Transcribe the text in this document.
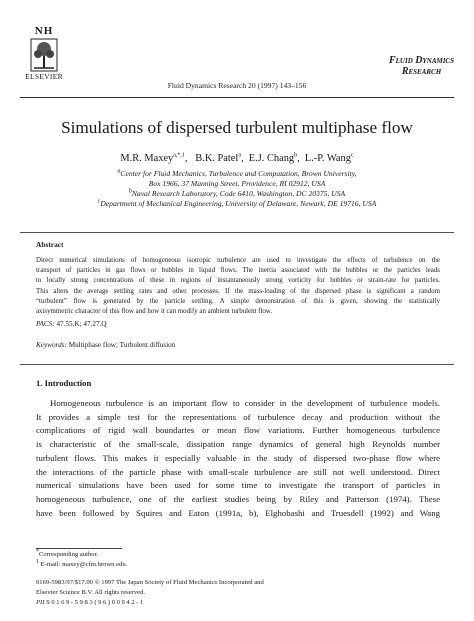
NH
ELSEVIER
Fluid Dynamics Research 20 (1997) 143–156
Fluid Dynamics
Research
Simulations of dispersed turbulent multiphase flow
M.R. Maxey$^{a,*,1}$,   B.K. Patel$^a$,  E.J. Chang$^b$,  L.-P. Wang$^c$
$^a$Center for Fluid Mechanics, Turbulence and Computation, Brown University,
Box 1966, 37 Manning Street, Providence, RI 02912, USA
$^b$Naval Research Laboratory, Code 6410, Washington, DC 20375, USA
$^c$Department of Mechanical Engineering, University of Delaware, Newark, DE 19716, USA
Abstract
Direct numerical simulations of homogeneous isotropic turbulence are used to investigate the effects of turbulence on the
transport of particles in gas flows or bubbles in liquid flows. The inertia associated with the bubbles or the particles leads
to locally strong concentrations of these in regions of instantaneously strong vorticity for bubbles or strain-rate for particles.
This alters the average settling rates and other processes. If the mass-loading of the dispersed phase is significant a random
“turbulent” flow is generated by the particle settling. A simple demonstration of this is given, showing the statistically
axisymmetric character of this flow and how it can modify an ambient turbulent flow.
PACS: 47.55.K; 47.27.Q
Keywords: Multiphase flow; Turbulent diffusion
1. Introduction
Homogeneous turbulence is an important flow to consider in the development of turbulence models.
It provides a simple test for the representations of turbulence decay and production without the
complications of rigid wall boundaries or mean flow variations. Further homogeneous turbulence
is characteristic of the small-scale, dissipation range dynamics of general high Reynolds number
turbulent flows. This makes it especially valuable in the study of dispersed two-phase flow where
the interactions of the particle phase with small-scale turbulence are still not well understood. Direct
numerical simulations have been used for some time to investigate the transport of particles in
homogeneous turbulence, one of the earliest studies being by Riley and Patterson (1974). These
have been followed by Squires and Eaton (1991a, b), Elghobashi and Truesdell (1992) and Wang
*Corresponding author.
$^1$ E-mail: maxey@cfm.brown.edu.
0169-5983/97/$17.00 © 1997 The Japan Society of Fluid Mechanics Incorporated and
Elsevier Science B.V. All rights reserved.
PII S0169-5983(96)00042-1
